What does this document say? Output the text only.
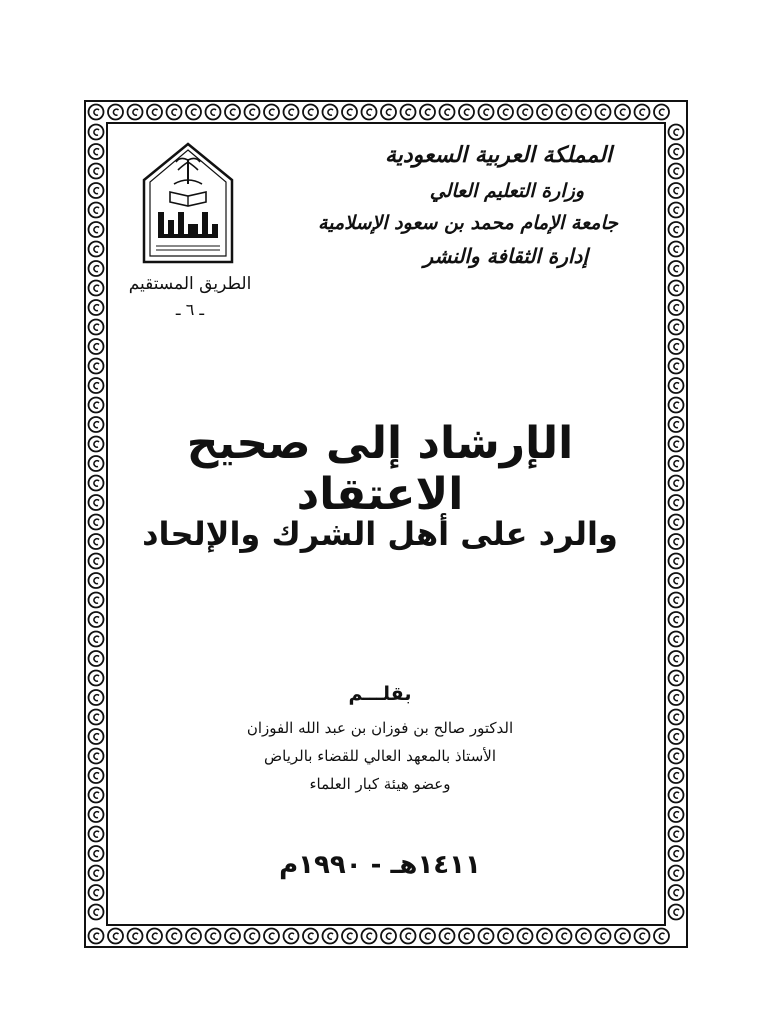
المملكة العربية السعودية
وزارة التعليم العالي
جامعة الإمام محمد بن سعود الإسلامية
إدارة الثقافة والنشر
الطريق المستقيم
ـ ٦ ـ
الإرشاد إلى صحيح الاعتقاد
والرد على أهل الشرك والإلحاد
بقلـــم
الدكتور صالح بن فوزان بن عبد الله الفوزان
الأستاذ بالمعهد العالي للقضاء بالرياض
وعضو هيئة كبار العلماء
١٤١١هـ - ١٩٩٠م
